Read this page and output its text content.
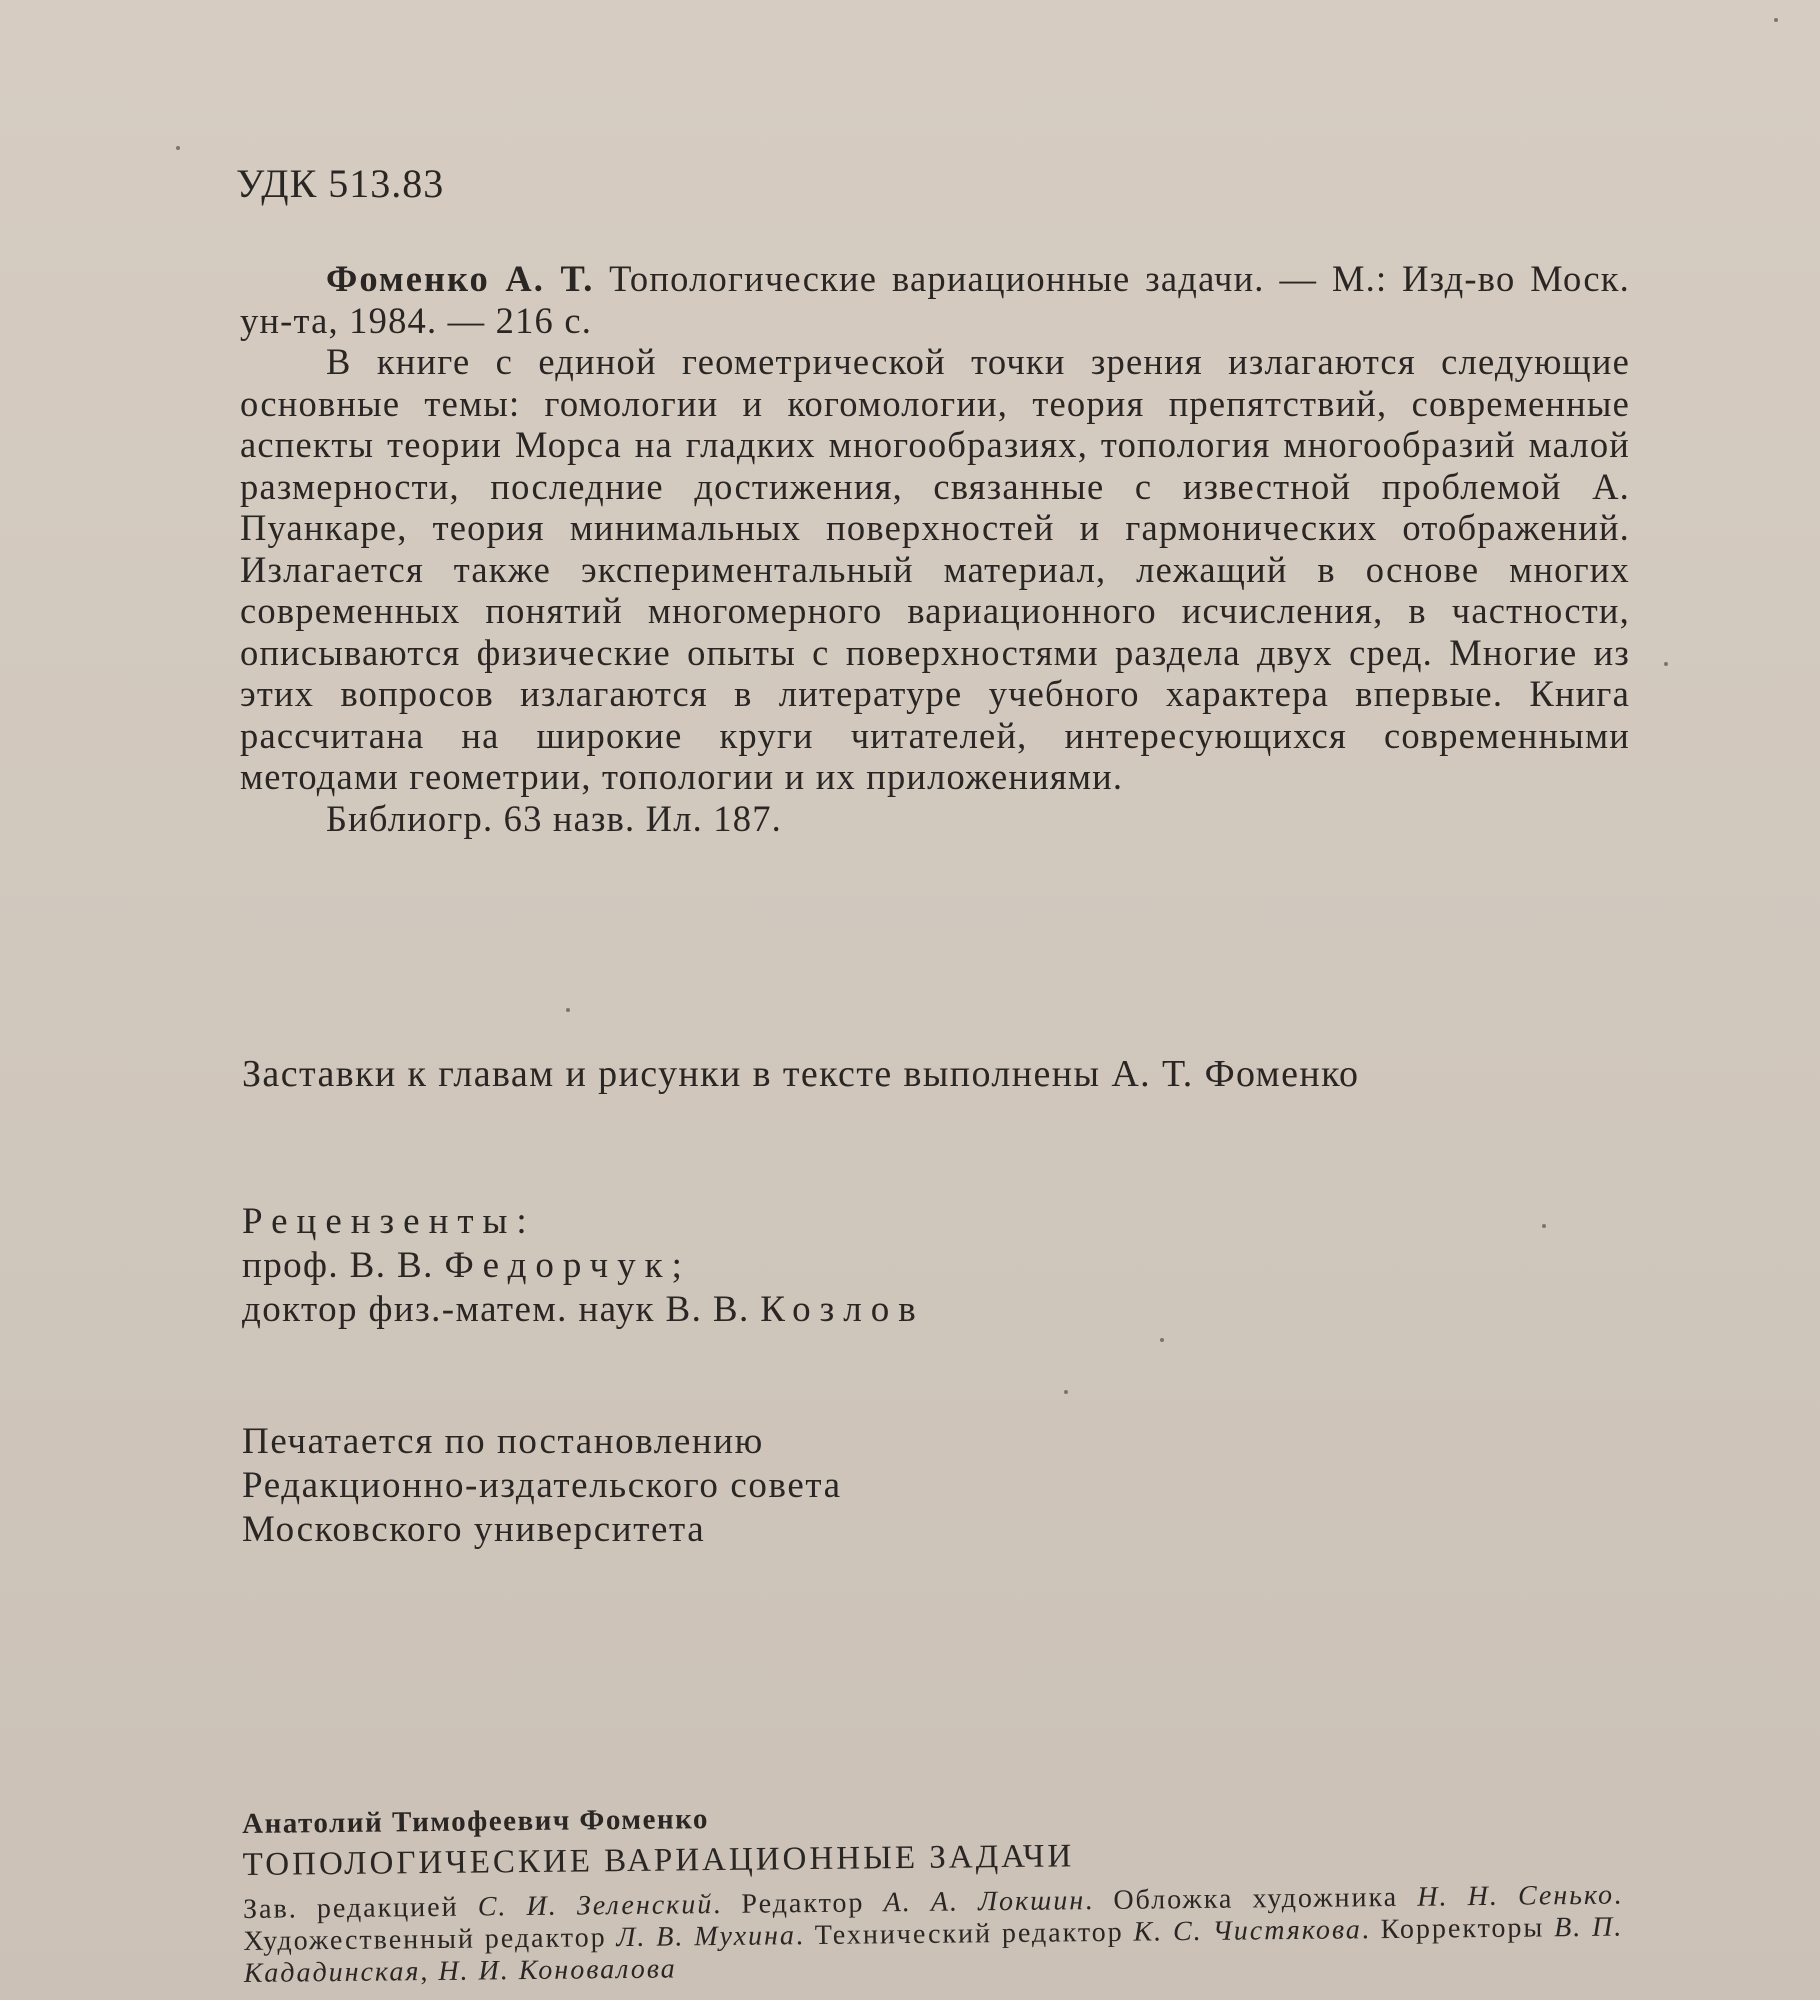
УДК 513.83

Фоменко А. Т. Топологические вариационные задачи. — М.: Изд-во Моск. ун-та, 1984. — 216 с.

В книге с единой геометрической точки зрения излагаются следующие основные темы: гомологии и когомологии, теория препятствий, современные аспекты теории Морса на гладких многообразиях, топология многообразий малой размерности, последние достижения, связанные с известной проблемой А. Пуанкаре, теория минимальных поверхностей и гармонических отображений. Излагается также экспериментальный материал, лежащий в основе многих современных понятий многомерного вариационного исчисления, в частности, описываются физические опыты с поверхностями раздела двух сред. Многие из этих вопросов излагаются в литературе учебного характера впервые. Книга рассчитана на широкие круги читателей, интересующихся современными методами геометрии, топологии и их приложениями.

Библиогр. 63 назв. Ил. 187.

Заставки к главам и рисунки в тексте выполнены А. Т. Фоменко
Рецензенты:
проф. В. В. Федорчук;
доктор физ.-матем. наук В. В. Козлов
Печатается по постановлению
Редакционно-издательского совета
Московского университета
Анатолий Тимофеевич Фоменко
ТОПОЛОГИЧЕСКИЕ ВАРИАЦИОННЫЕ ЗАДАЧИ
Зав. редакцией С. И. Зеленский. Редактор А. А. Локшин. Обложка художника Н. Н. Сенько. Художественный редактор Л. В. Мухина. Технический редактор К. С. Чистякова. Корректоры В. П. Кададинская, Н. И. Коновалова
